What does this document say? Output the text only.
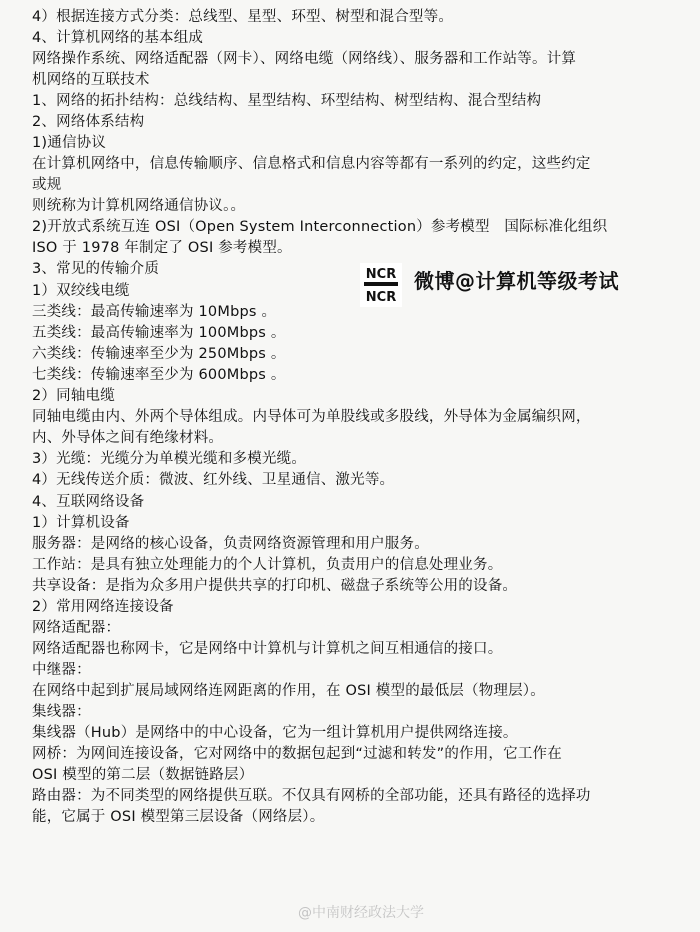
4）根据连接方式分类：总线型、星型、环型、树型和混合型等。
4、计算机网络的基本组成
网络操作系统、网络适配器（网卡）、网络电缆（网络线）、服务器和工作站等。计算
机网络的互联技术
1、网络的拓扑结构：总线结构、星型结构、环型结构、树型结构、混合型结构
2、网络体系结构
1)通信协议
在计算机网络中，信息传输顺序、信息格式和信息内容等都有一系列的约定，这些约定
或规
则统称为计算机网络通信协议。。
2)开放式系统互连 OSI（Open System Interconnection）参考模型　国际标准化组织
ISO 于 1978 年制定了 OSI 参考模型。
3、常见的传输介质
1）双绞线电缆
三类线：最高传输速率为 10Mbps 。
五类线：最高传输速率为 100Mbps 。
六类线：传输速率至少为 250Mbps 。
七类线：传输速率至少为 600Mbps 。
2）同轴电缆
同轴电缆由内、外两个导体组成。内导体可为单股线或多股线，外导体为金属编织网，
内、外导体之间有绝缘材料。
3）光缆：光缆分为单模光缆和多模光缆。
4）无线传送介质：微波、红外线、卫星通信、激光等。
4、互联网络设备
1）计算机设备
服务器：是网络的核心设备，负责网络资源管理和用户服务。
工作站：是具有独立处理能力的个人计算机，负责用户的信息处理业务。
共享设备：是指为众多用户提供共享的打印机、磁盘子系统等公用的设备。
2）常用网络连接设备
网络适配器：
网络适配器也称网卡，它是网络中计算机与计算机之间互相通信的接口。
中继器：
在网络中起到扩展局域网络连网距离的作用，在 OSI 模型的最低层（物理层）。
集线器：
集线器（Hub）是网络中的中心设备，它为一组计算机用户提供网络连接。
网桥：为网间连接设备，它对网络中的数据包起到“过滤和转发”的作用，它工作在
OSI 模型的第二层（数据链路层）
路由器：为不同类型的网络提供互联。不仅具有网桥的全部功能，还具有路径的选择功
能，它属于 OSI 模型第三层设备（网络层）。
NCR
NCR
微博@计算机等级考试
@中南财经政法大学
